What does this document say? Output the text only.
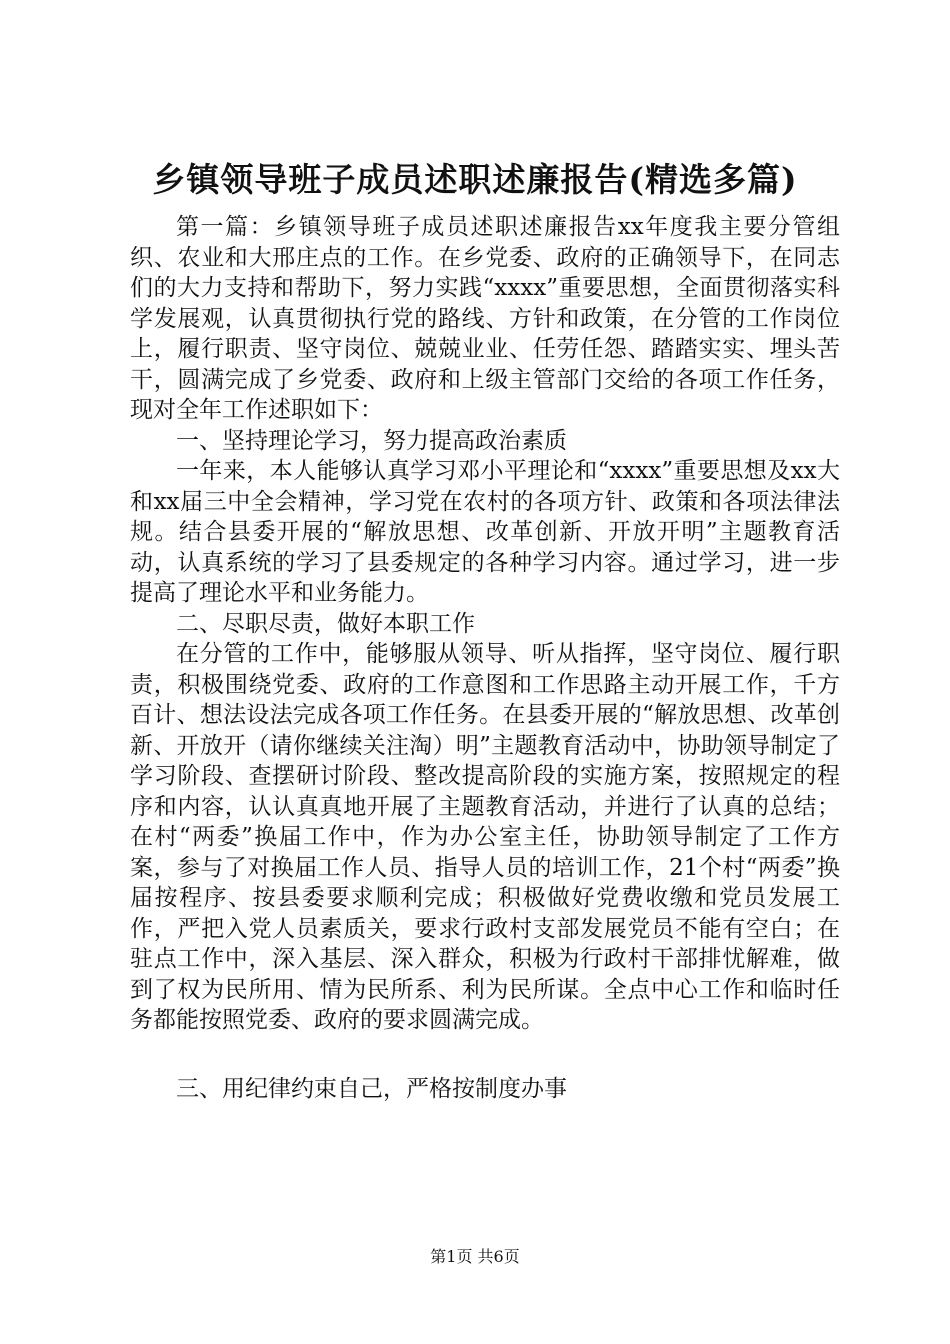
乡镇领导班子成员述职述廉报告(精选多篇)

第一篇：乡镇领导班子成员述职述廉报告xx年度我主要分管组织、农业和大邢庄点的工作。在乡党委、政府的正确领导下，在同志们的大力支持和帮助下，努力实践“xxxx”重要思想，全面贯彻落实科学发展观，认真贯彻执行党的路线、方针和政策，在分管的工作岗位上，履行职责、坚守岗位、兢兢业业、任劳任怨、踏踏实实、埋头苦干，圆满完成了乡党委、政府和上级主管部门交给的各项工作任务，现对全年工作述职如下：

一、坚持理论学习，努力提高政治素质

一年来，本人能够认真学习邓小平理论和“xxxx”重要思想及xx大和xx届三中全会精神，学习党在农村的各项方针、政策和各项法律法规。结合县委开展的“解放思想、改革创新、开放开明”主题教育活动，认真系统的学习了县委规定的各种学习内容。通过学习，进一步提高了理论水平和业务能力。

二、尽职尽责，做好本职工作

在分管的工作中，能够服从领导、听从指挥，坚守岗位、履行职责，积极围绕党委、政府的工作意图和工作思路主动开展工作，千方百计、想法设法完成各项工作任务。在县委开展的“解放思想、改革创新、开放开（请你继续关注淘）明”主题教育活动中，协助领导制定了学习阶段、查摆研讨阶段、整改提高阶段的实施方案，按照规定的程序和内容，认认真真地开展了主题教育活动，并进行了认真的总结；在村“两委”换届工作中，作为办公室主任，协助领导制定了工作方案，参与了对换届工作人员、指导人员的培训工作，21个村“两委”换届按程序、按县委要求顺利完成；积极做好党费收缴和党员发展工作，严把入党人员素质关，要求行政村支部发展党员不能有空白；在驻点工作中，深入基层、深入群众，积极为行政村干部排忧解难，做到了权为民所用、情为民所系、利为民所谋。全点中心工作和临时任务都能按照党委、政府的要求圆满完成。

三、用纪律约束自己，严格按制度办事

第1页 共6页
